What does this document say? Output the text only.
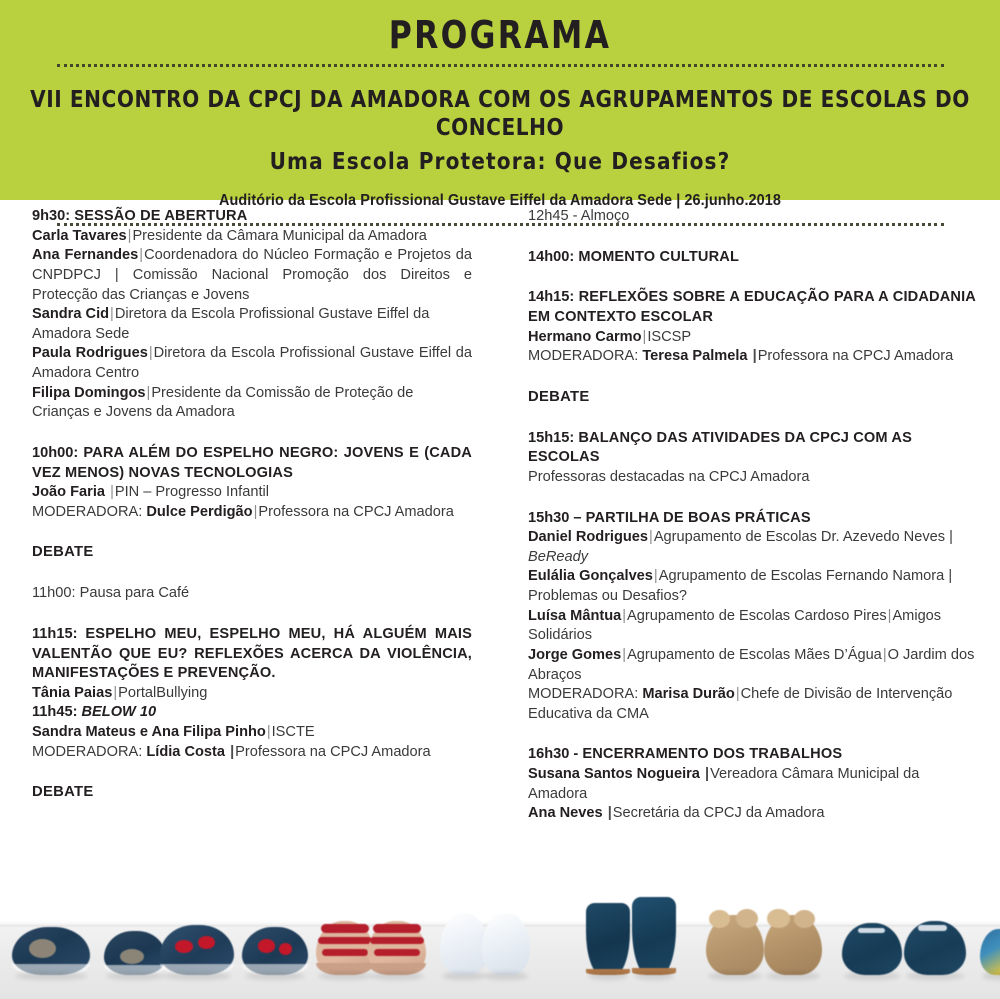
PROGRAMA
VII ENCONTRO DA CPCJ DA AMADORA COM OS AGRUPAMENTOS DE ESCOLAS DO CONCELHO
Uma Escola Protetora: Que Desafios?
Auditório da Escola Profissional Gustave Eiffel da Amadora Sede | 26.junho.2018

9h30: SESSÃO DE ABERTURA

Carla Tavares|Presidente da Câmara Municipal da Amadora

Ana Fernandes|Coordenadora do Núcleo Formação e Projetos da CNPDPCJ | Comissão Nacional Promoção dos Direitos e Protecção das Crianças e Jovens

Sandra Cid|Diretora da Escola Profissional Gustave Eiffel da Amadora Sede

Paula Rodrigues|Diretora da Escola Profissional Gustave Eiffel da Amadora Centro

Filipa Domingos|Presidente da Comissão de Proteção de Crianças e Jovens da Amadora

10h00: PARA ALÉM DO ESPELHO NEGRO: JOVENS E (CADA VEZ MENOS) NOVAS TECNOLOGIAS

João Faria |PIN – Progresso Infantil

MODERADORA: Dulce Perdigão|Professora na CPCJ Amadora

DEBATE

11h00: Pausa para Café

11h15: ESPELHO MEU, ESPELHO MEU, HÁ ALGUÉM MAIS VALENTÃO QUE EU? REFLEXÕES ACERCA DA VIOLÊNCIA, MANIFESTAÇÕES E PREVENÇÃO.

Tânia Paias|PortalBullying

11h45: BELOW 10

Sandra Mateus e Ana Filipa Pinho|ISCTE

MODERADORA: Lídia Costa |Professora na CPCJ Amadora

DEBATE

12h45 - Almoço

14h00: MOMENTO CULTURAL

14h15: REFLEXÕES SOBRE A EDUCAÇÃO PARA A CIDADANIA EM CONTEXTO ESCOLAR

Hermano Carmo|ISCSP

MODERADORA: Teresa Palmela |Professora na CPCJ Amadora

DEBATE

15h15: BALANÇO DAS ATIVIDADES DA CPCJ COM AS ESCOLAS

Professoras destacadas na CPCJ Amadora

15h30 – PARTILHA DE BOAS PRÁTICAS

Daniel Rodrigues|Agrupamento de Escolas Dr. Azevedo Neves |

BeReady

Eulália Gonçalves|Agrupamento de Escolas Fernando Namora |

Problemas ou Desafios?

Luísa Mântua|Agrupamento de Escolas Cardoso Pires|Amigos Solidários

Jorge Gomes|Agrupamento de Escolas Mães D’Água|O Jardim dos Abraços

MODERADORA: Marisa Durão|Chefe de Divisão de Intervenção Educativa da CMA

16h30 - ENCERRAMENTO DOS TRABALHOS

Susana Santos Nogueira |Vereadora Câmara Municipal da Amadora

Ana Neves |Secretária da CPCJ da Amadora
